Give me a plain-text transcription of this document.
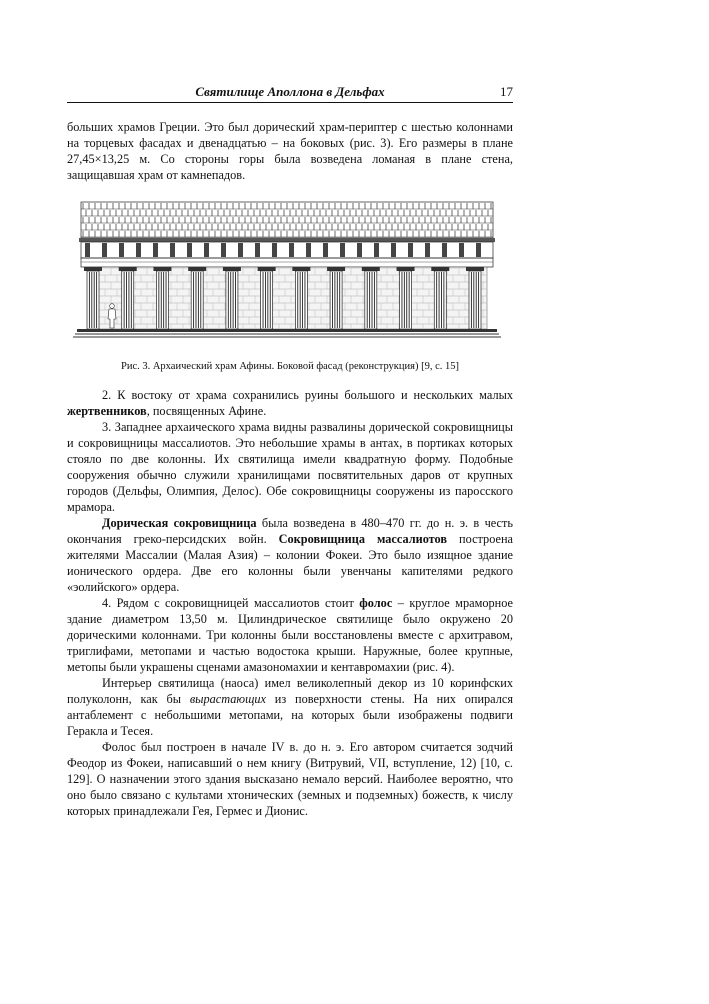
Святилище Аполлона в Дельфах	17

больших храмов Греции. Это был дорический храм-периптер с шестью колоннами на торцевых фасадах и двенадцатью – на боковых (рис. 3). Его размеры в плане 27,45×13,25 м. Со стороны горы была возведена ломаная в плане стена, защищавшая храм от камнепадов.

Рис. 3. Архаический храм Афины. Боковой фасад (реконструкция) [9, с. 15]

2. К востоку от храма сохранились руины большого и нескольких малых жертвенников, посвященных Афине.

3. Западнее архаического храма видны развалины дорической сокровищницы и сокровищницы массалиотов. Это небольшие храмы в антах, в портиках которых стояло по две колонны. Их святилища имели квадратную форму. Подобные сооружения обычно служили хранилищами посвятительных даров от крупных городов (Дельфы, Олимпия, Делос). Обе сокровищницы сооружены из паросского мрамора.

Дорическая сокровищница была возведена в 480–470 гг. до н. э. в честь окончания греко-персидских войн. Сокровищница массалиотов построена жителями Массалии (Малая Азия) – колонии Фокеи. Это было изящное здание ионического ордера. Две его колонны были увенчаны капителями редкого «эолийского» ордера.

4. Рядом с сокровищницей массалиотов стоит фолос – круглое мраморное здание диаметром 13,50 м. Цилиндрическое святилище было окружено 20 дорическими колоннами. Три колонны были восстановлены вместе с архитравом, триглифами, метопами и частью водостока крыши. Наружные, более крупные, метопы были украшены сценами амазономахии и кентавромахии (рис. 4).

Интерьер святилища (наоса) имел великолепный декор из 10 коринфских полуколонн, как бы вырастающих из поверхности стены. На них опирался антаблемент с небольшими метопами, на которых были изображены подвиги Геракла и Тесея.

Фолос был построен в начале IV в. до н. э. Его автором считается зодчий Феодор из Фокеи, написавший о нем книгу (Витрувий, VII, вступление, 12) [10, с. 129]. О назначении этого здания высказано немало версий. Наиболее вероятно, что оно было связано с культами хтонических (земных и подземных) божеств, к числу которых принадлежали Гея, Гермес и Дионис.
